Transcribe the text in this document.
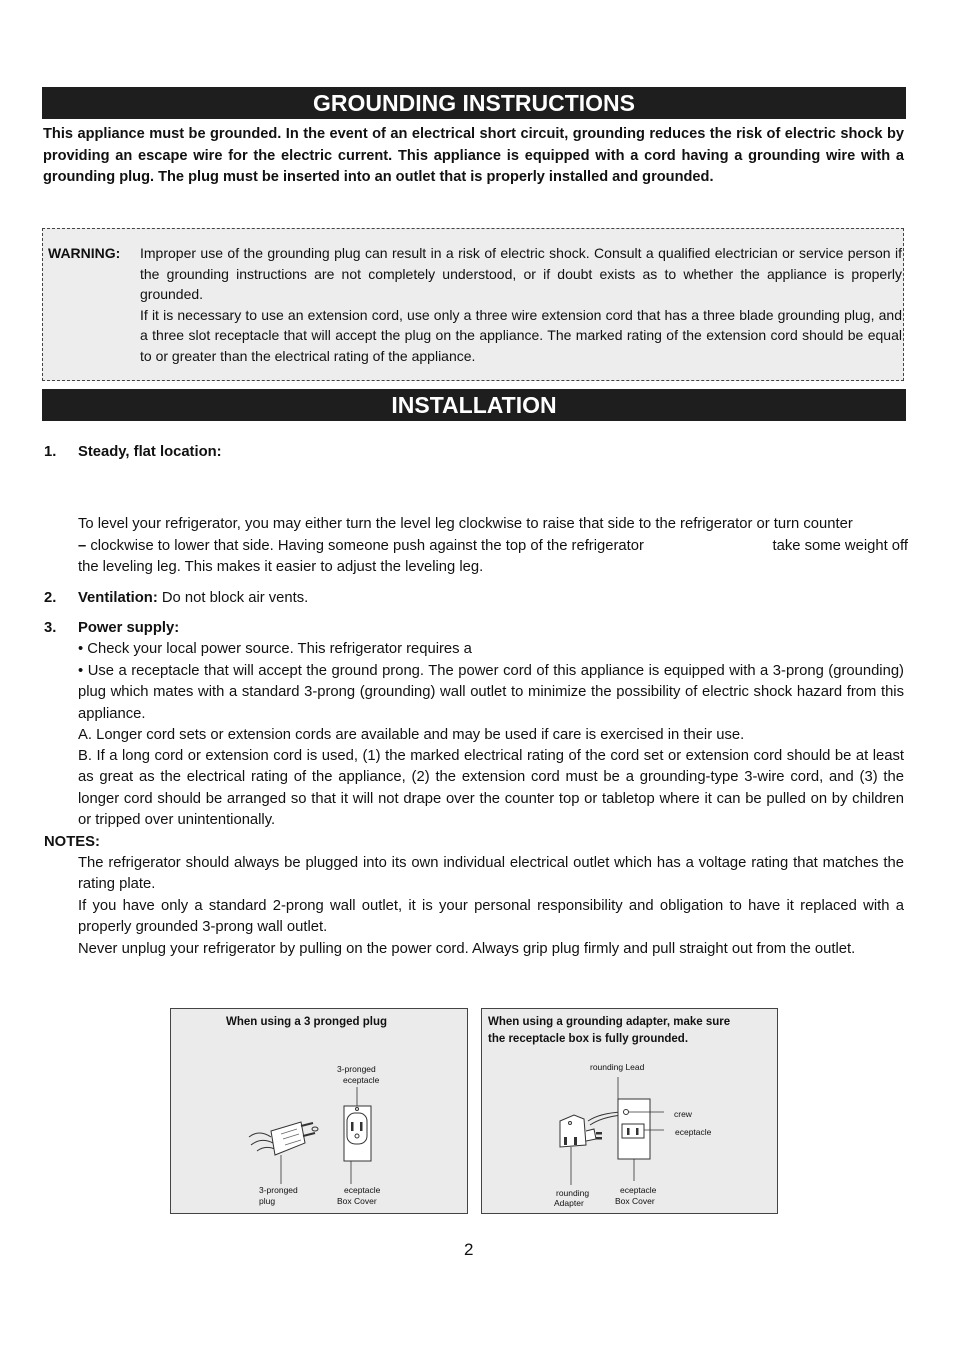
GROUNDING INSTRUCTIONS

This appliance must be grounded. In the event of an electrical short circuit, grounding reduces the risk of electric shock by providing an escape wire for the electric current. This appliance is equipped with a cord having a grounding wire with a grounding plug. The plug must be inserted into an outlet that is properly installed and grounded.

WARNING: Improper use of the grounding plug can result in a risk of electric shock. Consult a qualified electrician or service person if the grounding instructions are not completely understood, or if doubt exists as to whether the appliance is properly grounded.
If it is necessary to use an extension cord, use only a three wire extension cord that has a three blade grounding plug, and a three slot receptacle that will accept the plug on the appliance. The marked rating of the extension cord should be equal to or greater than the electrical rating of the appliance.
INSTALLATION
1. Steady, flat location:

To level your refrigerator, you may either turn the level leg clockwise to raise that side to the refrigerator or turn counter

– clockwise to lower that side. Having someone push against the top of the refrigerator	take some weight off

the leveling leg. This makes it easier to adjust the leveling leg.

2. Ventilation: Do not block air vents.

3. Power supply:

• Check your local power source. This refrigerator requires a

• Use a receptacle that will accept the ground prong. The power cord of this appliance is equipped with a 3-prong (grounding) plug which mates with a standard 3-prong (grounding) wall outlet to minimize the possibility of electric shock hazard from this appliance.

A. Longer cord sets or extension cords are available and may be used if care is exercised in their use.

B. If a long cord or extension cord is used, (1) the marked electrical rating of the cord set or extension cord should be at least as great as the electrical rating of the appliance, (2) the extension cord must be a grounding-type 3-wire cord, and (3) the longer cord should be arranged so that it will not drape over the counter top or tabletop where it can be pulled on by children or tripped over unintentionally.

NOTES:

The refrigerator should always be plugged into its own individual electrical outlet which has a voltage rating that matches the rating plate.

If you have only a standard 2-prong wall outlet, it is your personal responsibility and obligation to have it replaced with a properly grounded 3-prong wall outlet.

Never unplug your refrigerator by pulling on the power cord. Always grip plug firmly and pull straight out from the outlet.

When using a 3 pronged plug
3-pronged
eceptacle
3-pronged
plug
eceptacle
Box Cover
When using a grounding adapter, make sure
the receptacle box is fully grounded.
rounding Lead
crew
eceptacle
rounding
Adapter
eceptacle
Box Cover
2
